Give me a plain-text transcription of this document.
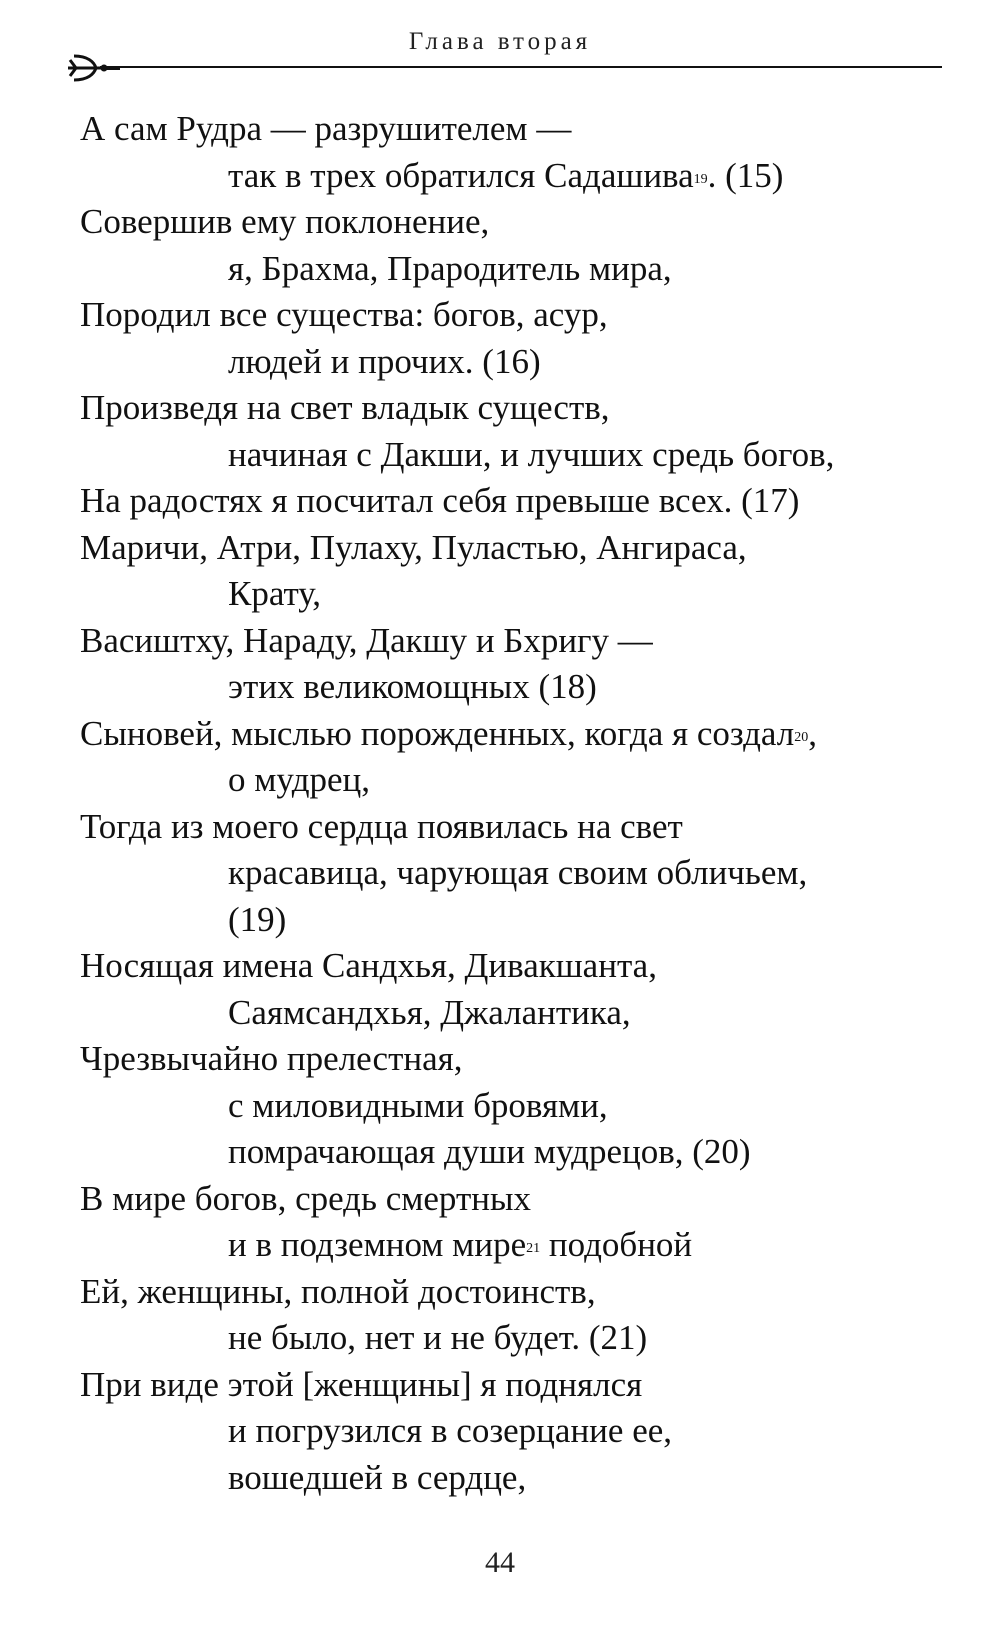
Глава вторая
А сам Рудра — разрушителем —
так в трех обратился Садашива$^{19}$. (15)
Совершив ему поклонение,
я, Брахма, Прародитель мира,
Породил все существа: богов, асур,
людей и прочих. (16)
Произведя на свет владык существ,
начиная с Дакши, и лучших средь богов,
На радостях я посчитал себя превыше всех. (17)
Маричи, Атри, Пулаху, Пуластью, Ангираса,
Крату,
Васиштху, Нараду, Дакшу и Бхригу —
этих великомощных (18)
Сыновей, мыслью порожденных, когда я создал$^{20}$,
о мудрец,
Тогда из моего сердца появилась на свет
красавица, чарующая своим обличьем,
(19)
Носящая имена Сандхья, Дивакшанта,
Саямсандхья, Джалантика,
Чрезвычайно прелестная,
с миловидными бровями,
помрачающая души мудрецов, (20)
В мире богов, средь смертных
и в подземном мире$^{21}$ подобной
Ей, женщины, полной достоинств,
не было, нет и не будет. (21)
При виде этой [женщины] я поднялся
и погрузился в созерцание ее,
вошедшей в сердце,
44
